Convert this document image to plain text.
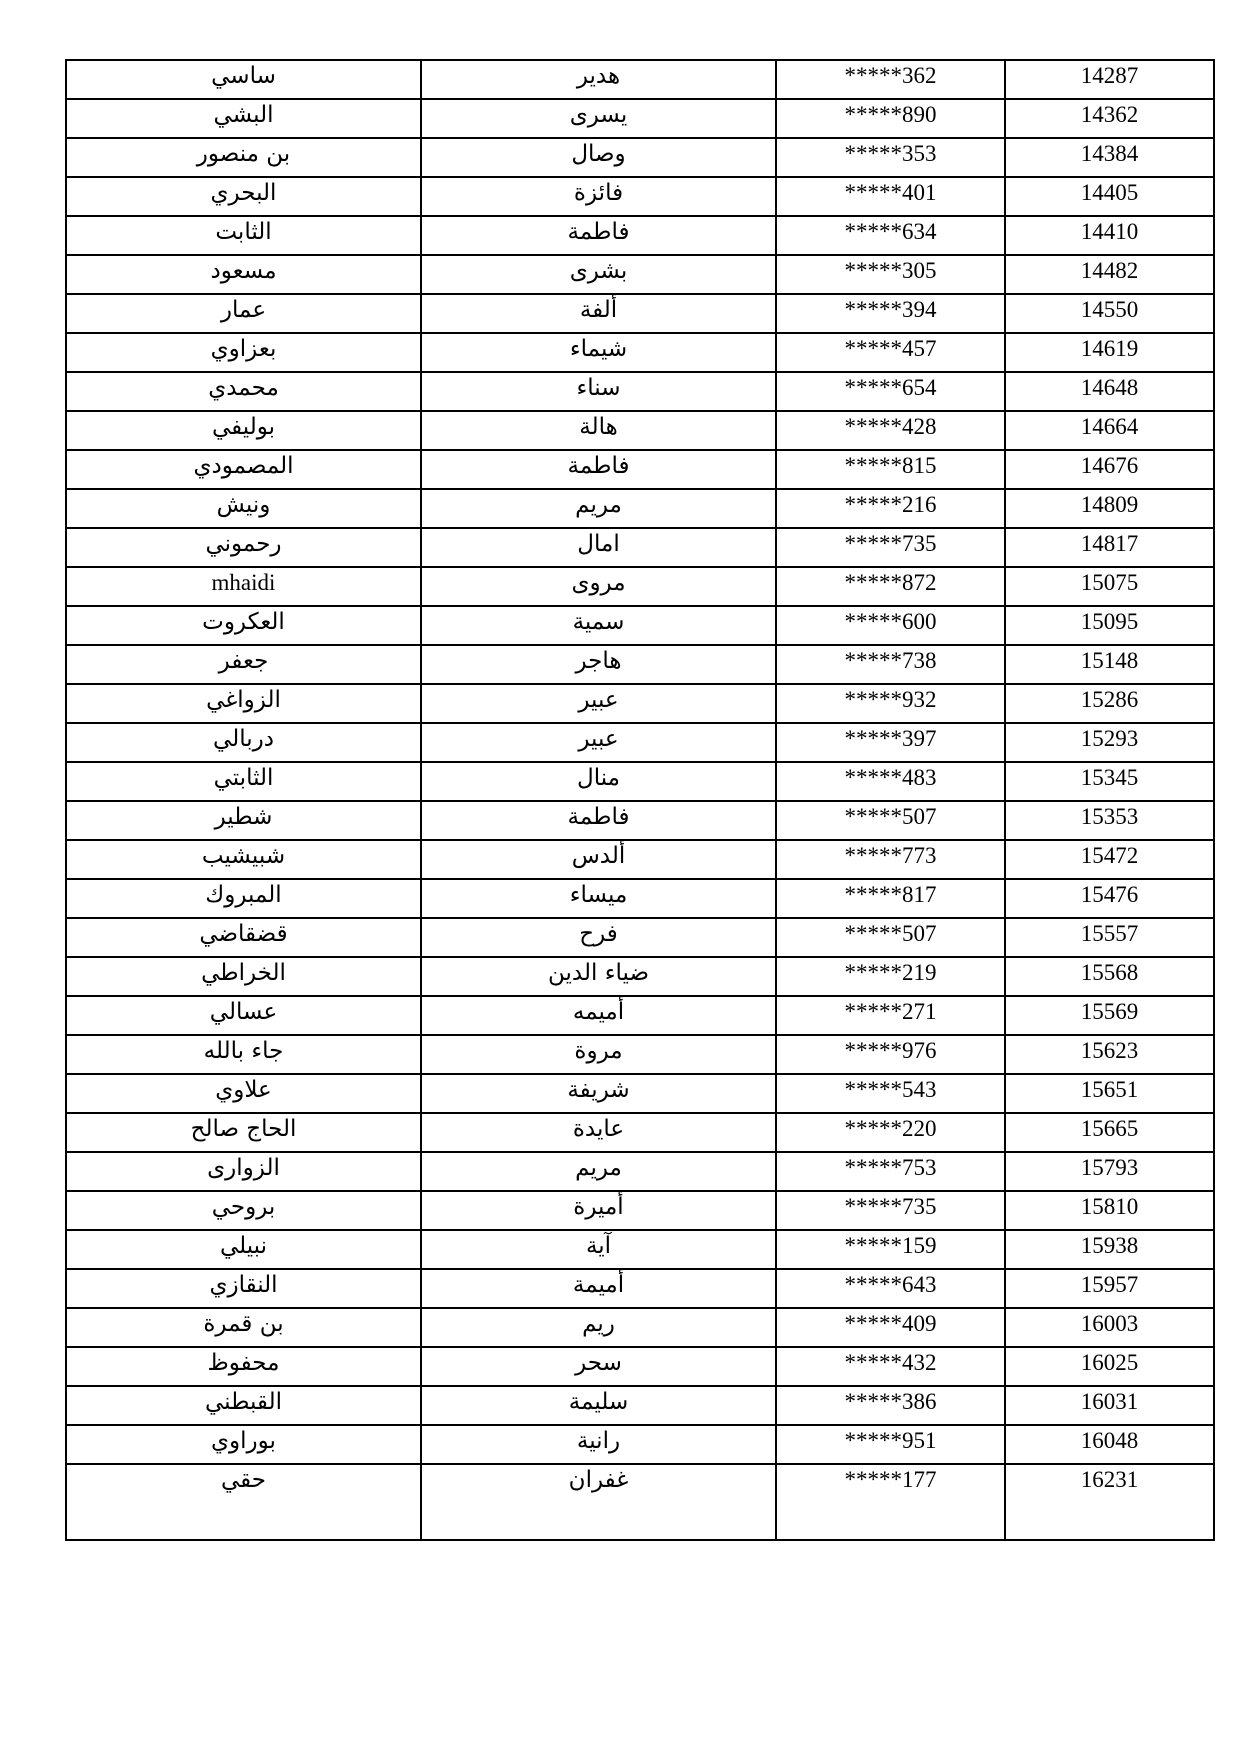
ساسي	هدير	*****362	14287
البشي	يسرى	*****890	14362
بن منصور	وصال	*****353	14384
البحري	فائزة	*****401	14405
الثابت	فاطمة	*****634	14410
مسعود	بشرى	*****305	14482
عمار	ألفة	*****394	14550
بعزاوي	شيماء	*****457	14619
محمدي	سناء	*****654	14648
بوليفي	هالة	*****428	14664
المصمودي	فاطمة	*****815	14676
ونيش	مريم	*****216	14809
رحموني	امال	*****735	14817
mhaidi	مروى	*****872	15075
العكروت	سمية	*****600	15095
جعفر	هاجر	*****738	15148
الزواغي	عبير	*****932	15286
دربالي	عبير	*****397	15293
الثابتي	منال	*****483	15345
شطير	فاطمة	*****507	15353
شبيشيب	ألدس	*****773	15472
المبروك	ميساء	*****817	15476
قضقاضي	فرح	*****507	15557
الخراطي	ضياء الدين	*****219	15568
عسالي	أميمه	*****271	15569
جاء بالله	مروة	*****976	15623
علاوي	شريفة	*****543	15651
الحاج صالح	عايدة	*****220	15665
الزوارى	مريم	*****753	15793
بروحي	أميرة	*****735	15810
نبيلي	آية	*****159	15938
النقازي	أميمة	*****643	15957
بن قمرة	ريم	*****409	16003
محفوظ	سحر	*****432	16025
القبطني	سليمة	*****386	16031
بوراوي	رانية	*****951	16048
حقي	غفران	*****177	16231
